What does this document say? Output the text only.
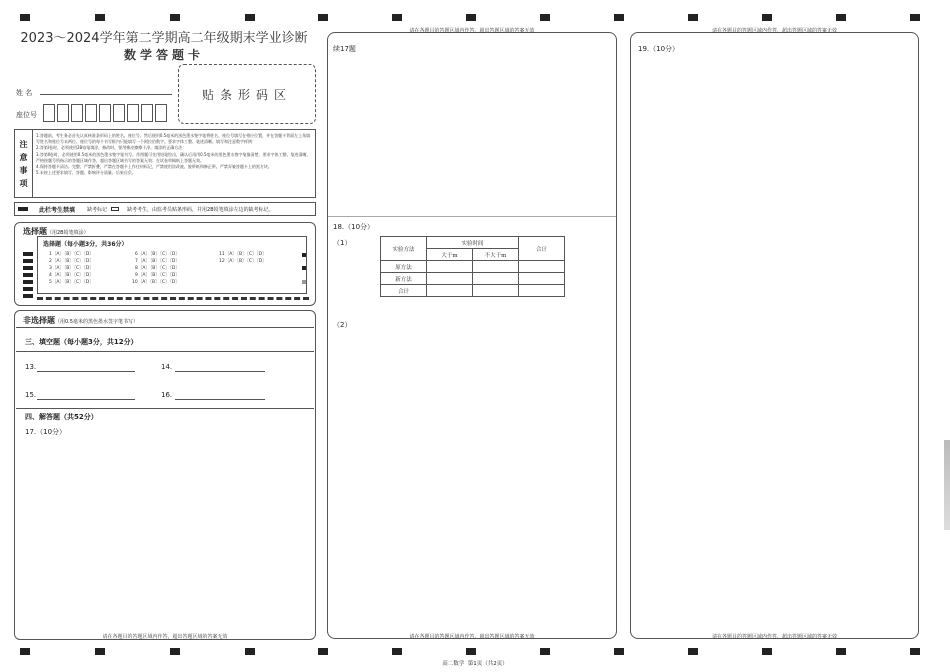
2023～2024学年第二学期高二年级期末学业诊断
数学答题卡
贴条形码区
姓 名
座位号
注
意
事
项
1.答题前，考生务必首先认真核准条形码上的姓名、座位号，然后使用0.5毫米的黑色墨水签字笔将姓名、座位号填写在相应位置，并在答题卡背面左上角填写姓名和座位号末两位。座位号的每个书写框内只能填写一个阿拉伯数字。要求字体工整、笔迹清晰。填写和注意数字样例：
2.答第Ⅰ卷时，必须使用2B铅笔填涂，修改时，要用橡皮擦擦干净。填涂的正确方法：
3.答第Ⅱ卷时，必须使用0.5毫米的黑色墨水签字笔书写。作图题可先用铅笔绘出，确认后再用0.5毫米的黑色墨水签字笔描清楚，要求字体工整、笔迹清晰。严格按题号所指示的答题区域作答，超出答题区域书写的答案无效；在试卷草稿纸上答题无效。
4.保持答题卡清洁、完整，严禁折叠，严禁在答题卡上作任何标记，严禁使用涂改液、胶带纸和修正带。严禁弄皱答题卡上的黑方块。
5.未按上述要求填写、答题，影响评分质量，后果自负。
此栏考生禁填 缺考标记	缺考考生，由监考员贴条形码，并用2B铅笔填涂左边的缺考标记。
选择题（用2B铅笔填涂）
选择题（每小题3分，共36分）
1〔A〕〔B〕〔C〕〔D〕
2〔A〕〔B〕〔C〕〔D〕
3〔A〕〔B〕〔C〕〔D〕
4〔A〕〔B〕〔C〕〔D〕
5〔A〕〔B〕〔C〕〔D〕
6〔A〕〔B〕〔C〕〔D〕
7〔A〕〔B〕〔C〕〔D〕
8〔A〕〔B〕〔C〕〔D〕
9〔A〕〔B〕〔C〕〔D〕
10〔A〕〔B〕〔C〕〔D〕
11〔A〕〔B〕〔C〕〔D〕
12〔A〕〔B〕〔C〕〔D〕
非选择题（用0.5毫米的黑色墨水签字笔书写）
三、填空题（每小题3分，共12分）
13.	14.
15.	16.
四、解答题（共52分）
17.（10分）
请在各题目的答题区域内作答，超出答题区域的答案无效
请在各题目的答题区域内作答，超出答题区域的答案无效
续17题
18.（10分）
（1）
实验方法	实验时间		合计
	大于m	不大于m	
原方法			
新方法			
合计			
（2）
请在各题目的答题区域内作答，超出答题区域的答案无效
请在各题目的答题区域内作答，超出答题区域的答案无效
19.（10分）
请在各题目的答题区域内作答，超出答题区域的答案无效
高二数学  第1页（共2页）
